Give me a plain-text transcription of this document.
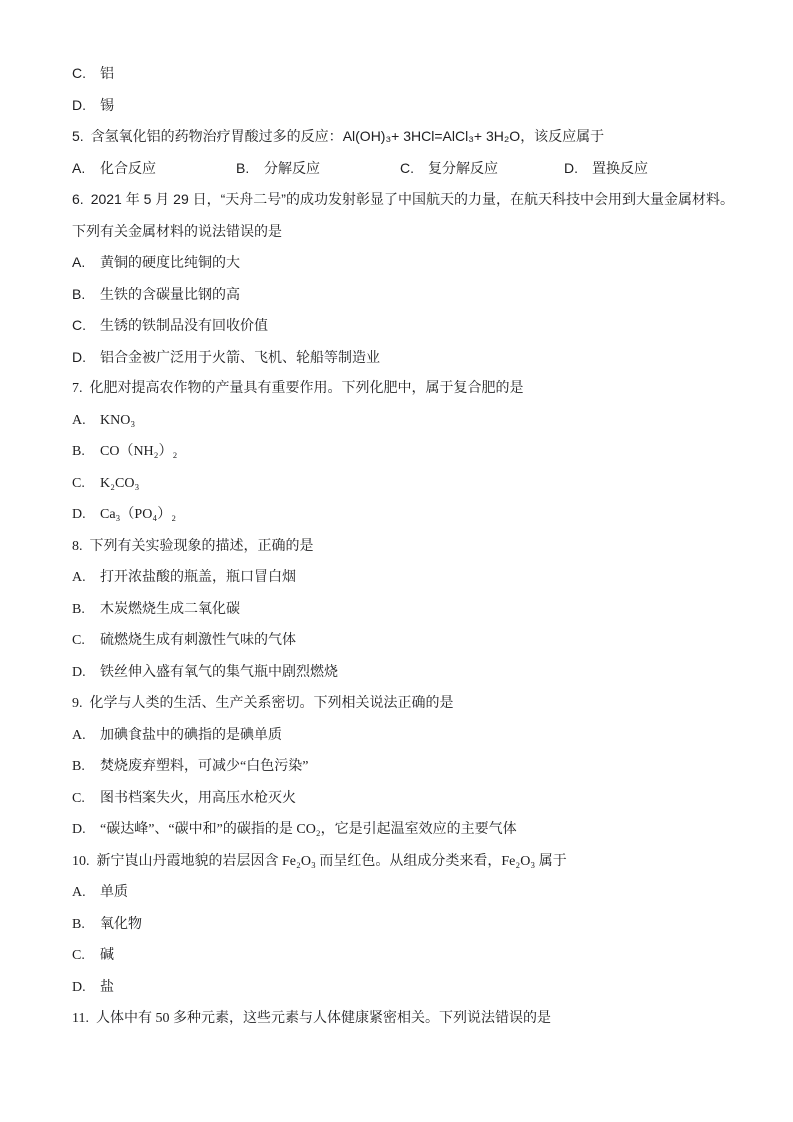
C. 铝
D. 锡
5. 含氢氧化铝的药物治疗胃酸过多的反应：Al(OH)₃+ 3HCl=AlCl₃+ 3H₂O，该反应属于
A. 化合反应	B. 分解反应	C. 复分解反应	D. 置换反应
6. 2021 年 5 月 29 日，“天舟二号”的成功发射彰显了中国航天的力量，在航天科技中会用到大量金属材料。
下列有关金属材料的说法错误的是
A. 黄铜的硬度比纯铜的大
B. 生铁的含碳量比钢的高
C. 生锈的铁制品没有回收价值
D. 铝合金被广泛用于火箭、飞机、轮船等制造业
7. 化肥对提高农作物的产量具有重要作用。下列化肥中，属于复合肥的是
A. KNO₃
B. CO（NH₂）₂
C. K₂CO₃
D. Ca₃（PO₄）₂
8. 下列有关实验现象的描述，正确的是
A. 打开浓盐酸的瓶盖，瓶口冒白烟
B. 木炭燃烧生成二氧化碳
C. 硫燃烧生成有刺激性气味的气体
D. 铁丝伸入盛有氧气的集气瓶中剧烈燃烧
9. 化学与人类的生活、生产关系密切。下列相关说法正确的是
A. 加碘食盐中的碘指的是碘单质
B. 焚烧废弃塑料，可减少“白色污染”
C. 图书档案失火，用高压水枪灭火
D. “碳达峰”、“碳中和”的碳指的是 CO₂，它是引起温室效应的主要气体
10. 新宁崀山丹霞地貌的岩层因含 Fe₂O₃ 而呈红色。从组成分类来看，Fe₂O₃ 属于
A. 单质
B. 氧化物
C. 碱
D. 盐
11. 人体中有 50 多种元素，这些元素与人体健康紧密相关。下列说法错误的是
